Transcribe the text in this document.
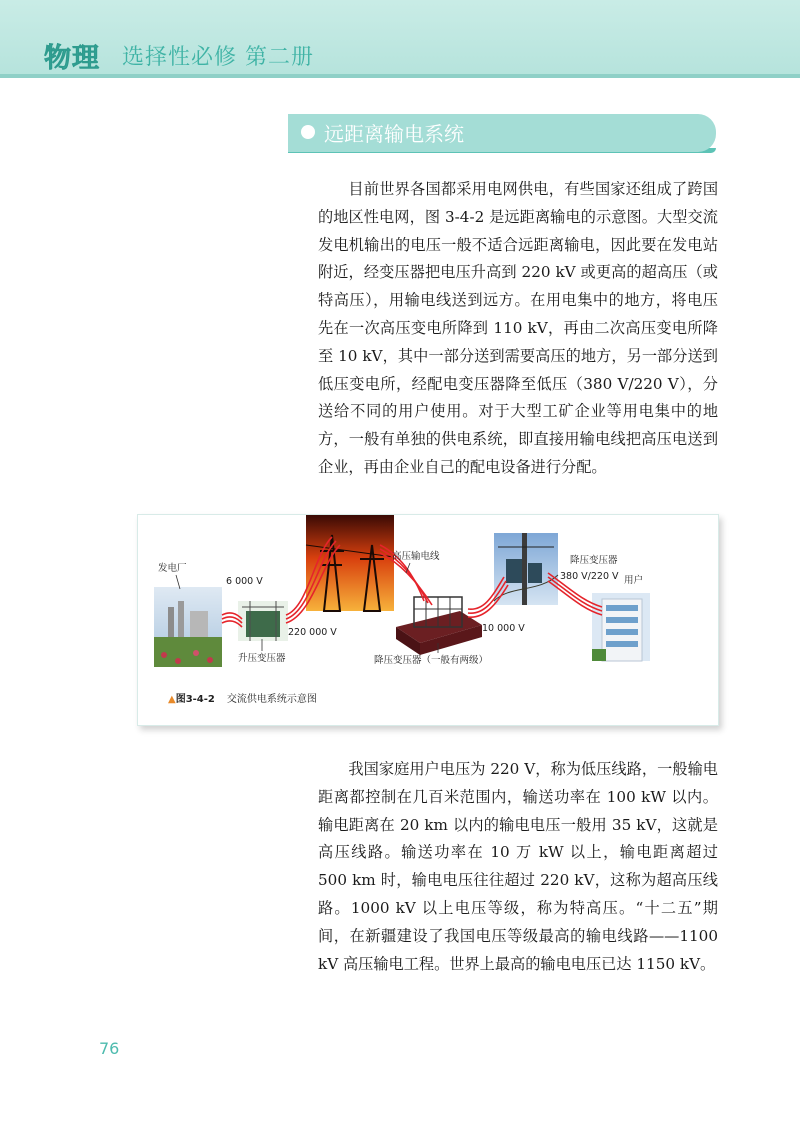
物理 选择性必修 第二册
远距离输电系统

目前世界各国都采用电网供电，有些国家还组成了跨国的地区性电网，图 3-4-2 是远距离输电的示意图。大型交流发电机输出的电压一般不适合远距离输电，因此要在发电站附近，经变压器把电压升高到 220 kV 或更高的超高压（或特高压），用输电线送到远方。在用电集中的地方，将电压先在一次高压变电所降到 110 kV，再由二次高压变电所降至 10 kV，其中一部分送到需要高压的地方，另一部分送到低压变电所，经配电变压器降至低压（380 V/220 V），分送给不同的用户使用。对于大型工矿企业等用电集中的地方，一般有单独的供电系统，即直接用输电线把高压电送到企业，再由企业自己的配电设备进行分配。

发电厂
6 000 V
升压变压器
220 000 V
高压输电线
降压变压器（一般有两级）
10 000 V
降压变压器
380 V/220 V 用户
▲图3-4-2 交流供电系统示意图

我国家庭用户电压为 220 V，称为低压线路，一般输电距离都控制在几百米范围内，输送功率在 100 kW 以内。输电距离在 20 km 以内的输电电压一般用 35 kV，这就是高压线路。输送功率在 10 万 kW 以上，输电距离超过 500 km 时，输电电压往往超过 220 kV，这称为超高压线路。1000 kV 以上电压等级，称为特高压。“十二五”期间，在新疆建设了我国电压等级最高的输电线路——1100 kV 高压输电工程。世界上最高的输电电压已达 1150 kV。

76
